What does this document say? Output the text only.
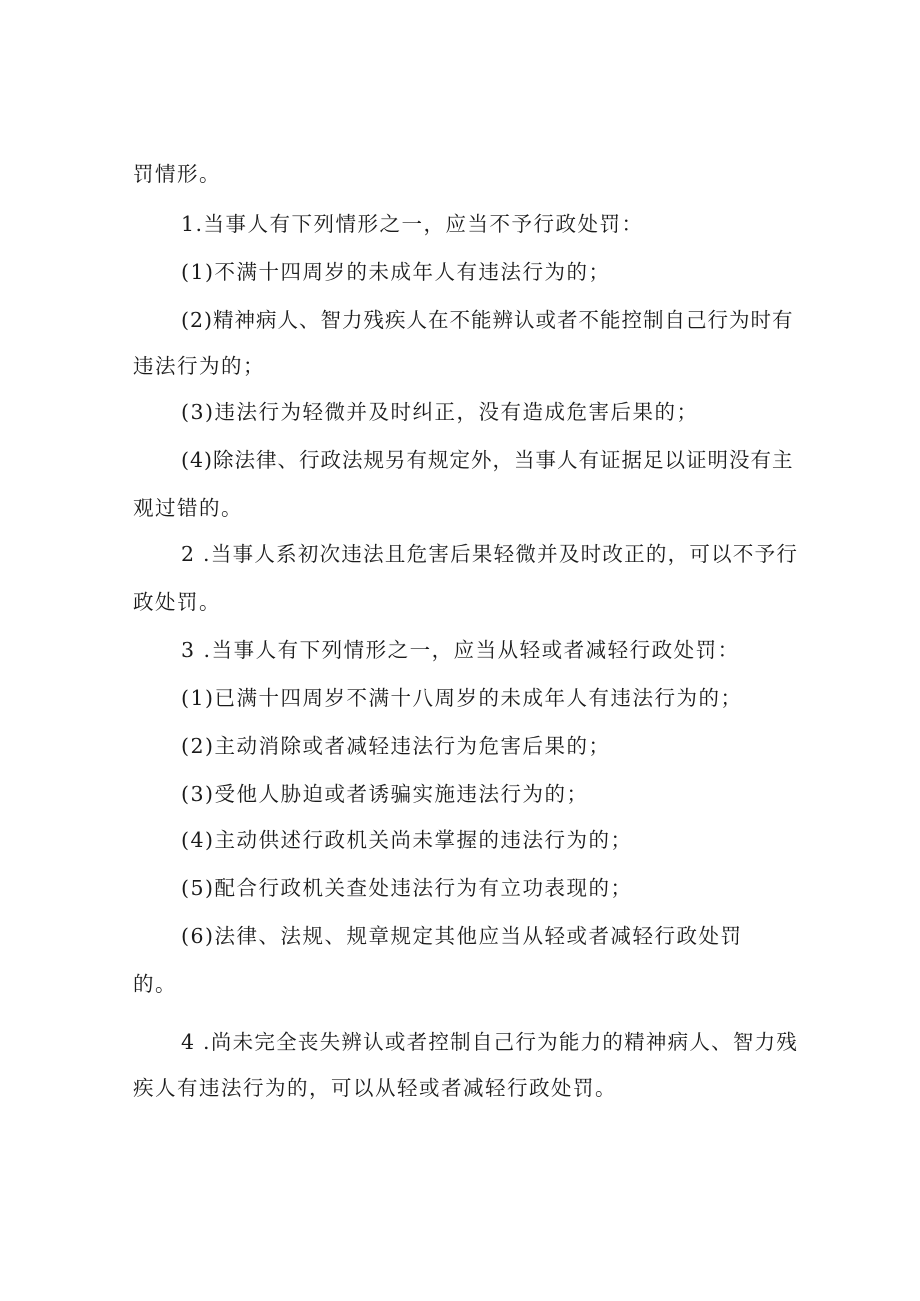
罚情形。
1.当事人有下列情形之一，应当不予行政处罚：
(1)不满十四周岁的未成年人有违法行为的；
(2)精神病人、智力残疾人在不能辨认或者不能控制自己行为时有
违法行为的；
(3)违法行为轻微并及时纠正，没有造成危害后果的；
(4)除法律、行政法规另有规定外，当事人有证据足以证明没有主
观过错的。
2 .当事人系初次违法且危害后果轻微并及时改正的，可以不予行
政处罚。
3 .当事人有下列情形之一，应当从轻或者减轻行政处罚：
(1)已满十四周岁不满十八周岁的未成年人有违法行为的；
(2)主动消除或者减轻违法行为危害后果的；
(3)受他人胁迫或者诱骗实施违法行为的；
(4)主动供述行政机关尚未掌握的违法行为的；
(5)配合行政机关查处违法行为有立功表现的；
(6)法律、法规、规章规定其他应当从轻或者减轻行政处罚
的。
4 .尚未完全丧失辨认或者控制自己行为能力的精神病人、智力残
疾人有违法行为的，可以从轻或者减轻行政处罚。
